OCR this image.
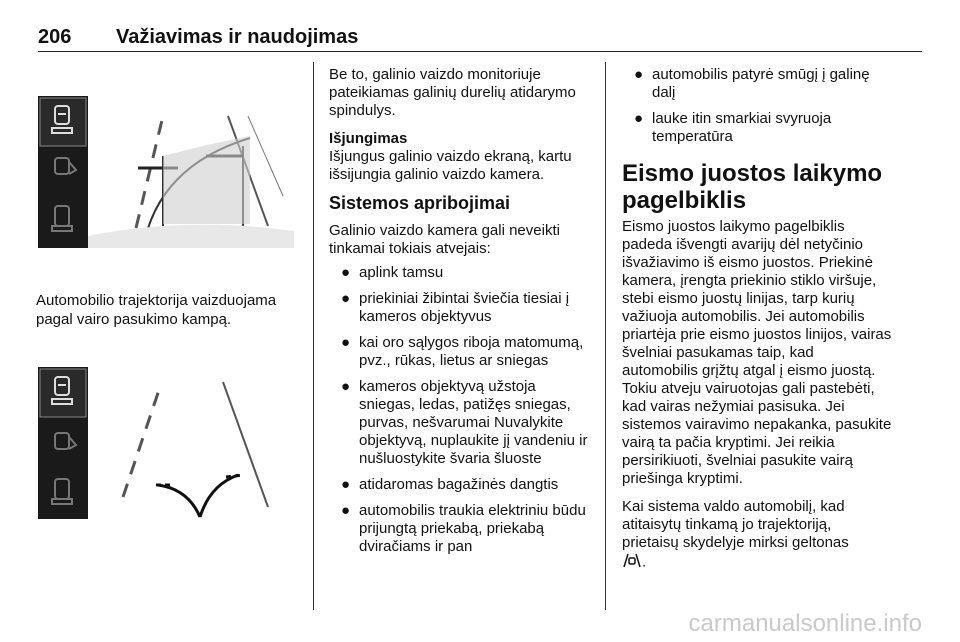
206 Važiavimas ir naudojimas
Automobilio trajektorija vaizduojama pagal vairo pasukimo kampą.

Be to, galinio vaizdo monitoriuje pateikiamas galinių durelių atidarymo spindulys.

Išjungimas

Išjungus galinio vaizdo ekraną, kartu išsijungia galinio vaizdo kamera.

Sistemos apribojimai

Galinio vaizdo kamera gali neveikti tinkamai tokiais atvejais:

● aplink tamsu
● priekiniai žibintai šviečia tiesiai į kameros objektyvus
● kai oro sąlygos riboja matomumą, pvz., rūkas, lietus ar sniegas
● kameros objektyvą užstoja sniegas, ledas, patižęs sniegas, purvas, nešvarumai Nuvalykite objektyvą, nuplaukite jį vandeniu ir nušluostykite švaria šluoste
● atidaromas bagažinės dangtis
● automobilis traukia elektriniu būdu prijungtą priekabą, priekabą dviračiams ir pan
● automobilis patyrė smūgį į galinę dalį
● lauke itin smarkiai svyruoja temperatūra
Eismo juostos laikymo pagelbiklis

Eismo juostos laikymo pagelbiklis padeda išvengti avarijų dėl netyčinio išvažiavimo iš eismo juostos. Priekinė kamera, įrengta priekinio stiklo viršuje, stebi eismo juostų linijas, tarp kurių važiuoja automobilis. Jei automobilis priartėja prie eismo juostos linijos, vairas švelniai pasukamas taip, kad automobilis grįžtų atgal į eismo juostą. Tokiu atveju vairuotojas gali pastebėti, kad vairas nežymiai pasisuka. Jei sistemos vairavimo nepakanka, pasukite vairą ta pačia kryptimi. Jei reikia persirikiuoti, švelniai pasukite vairą priešinga kryptimi.

Kai sistema valdo automobilį, kad atitaisytų tinkamą jo trajektoriją, prietaisų skydelyje mirksi geltonas
.

carmanualsonline.info
